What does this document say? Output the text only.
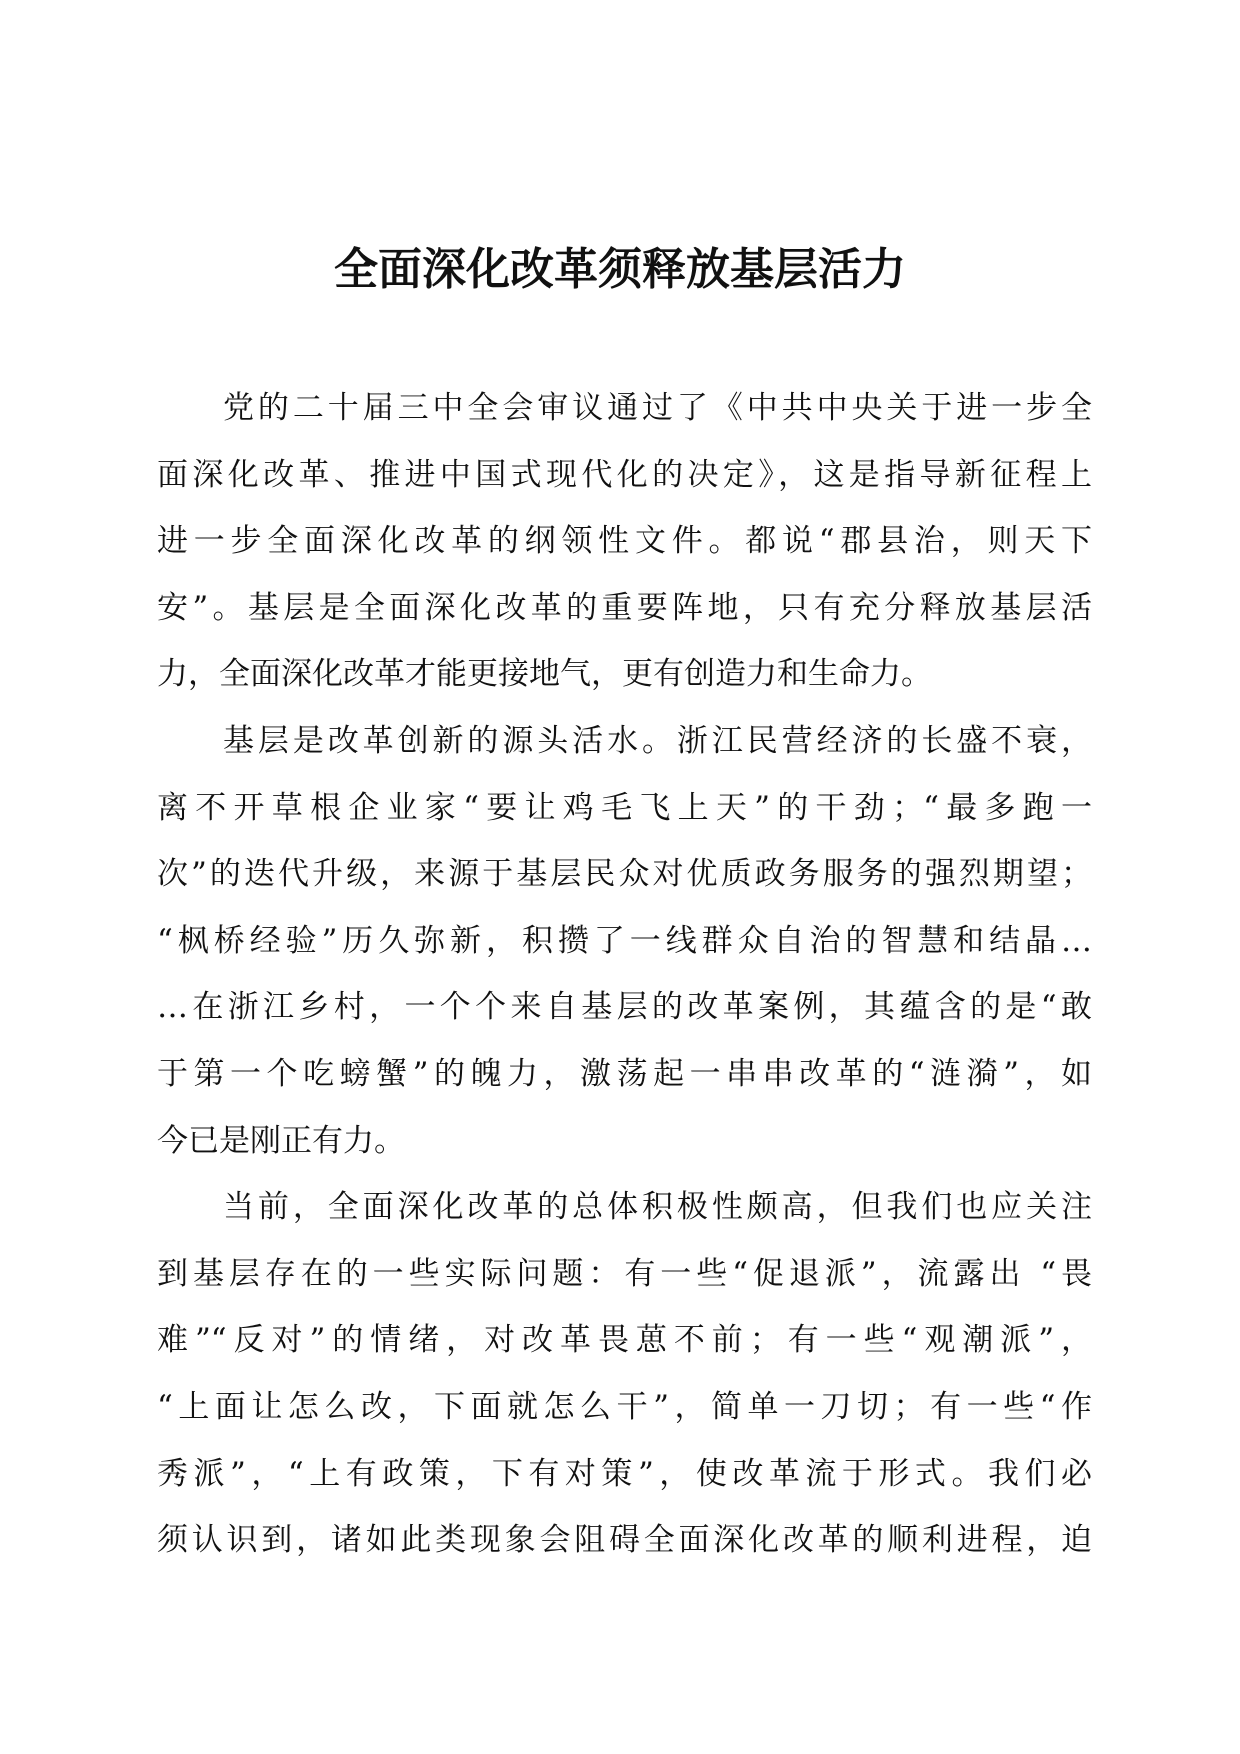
全面深化改革须释放基层活力
党的二十届三中全会审议通过了《中共中央关于进一步全
面深化改革、推进中国式现代化的决定》，这是指导新征程上
进一步全面深化改革的纲领性文件。都说“郡县治，则天下
安”。基层是全面深化改革的重要阵地，只有充分释放基层活
力，全面深化改革才能更接地气，更有创造力和生命力。
基层是改革创新的源头活水。浙江民营经济的长盛不衰，
离不开草根企业家“要让鸡毛飞上天”的干劲；“最多跑一
次”的迭代升级，来源于基层民众对优质政务服务的强烈期望；
“枫桥经验”历久弥新，积攒了一线群众自治的智慧和结晶…
…在浙江乡村，一个个来自基层的改革案例，其蕴含的是“敢
于第一个吃螃蟹”的魄力，激荡起一串串改革的“涟漪”，如
今已是刚正有力。
当前，全面深化改革的总体积极性颇高，但我们也应关注
到基层存在的一些实际问题：有一些“促退派”，流露出 “畏
难”“反对”的情绪，对改革畏葸不前；有一些“观潮派”，
“上面让怎么改，下面就怎么干”，简单一刀切；有一些“作
秀派”，“上有政策，下有对策”，使改革流于形式。我们必
须认识到，诸如此类现象会阻碍全面深化改革的顺利进程，迫
